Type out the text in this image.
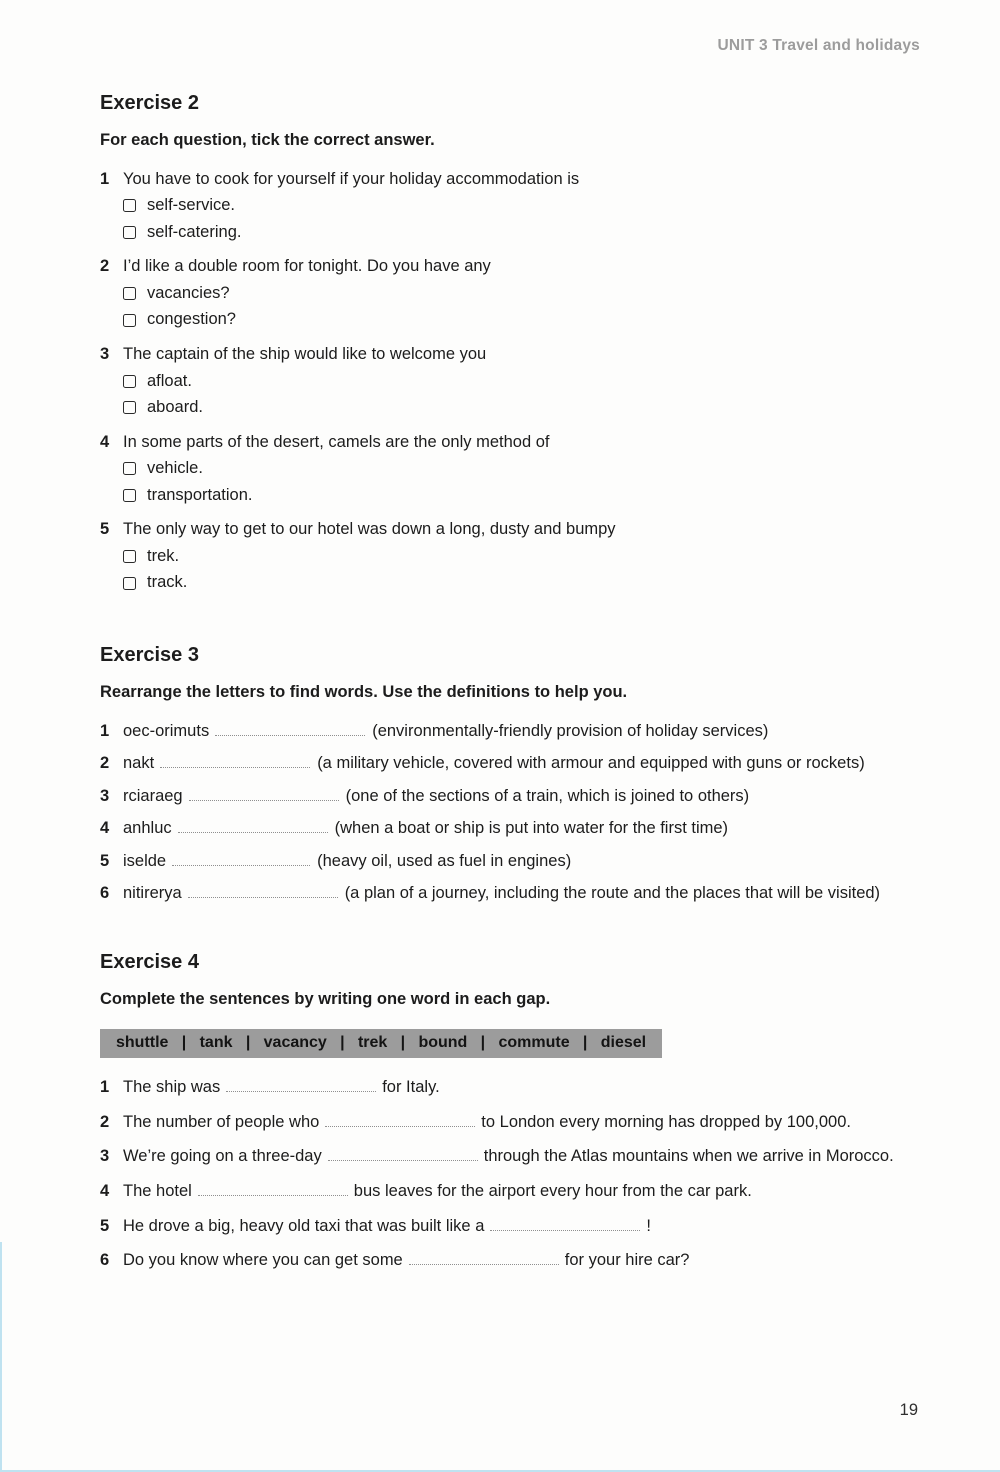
UNIT 3 Travel and holidays
Exercise 2
For each question, tick the correct answer.
1 You have to cook for yourself if your holiday accommodation is
self-service.
self-catering.
2 I’d like a double room for tonight. Do you have any
vacancies?
congestion?
3 The captain of the ship would like to welcome you
afloat.
aboard.
4 In some parts of the desert, camels are the only method of
vehicle.
transportation.
5 The only way to get to our hotel was down a long, dusty and bumpy
trek.
track.
Exercise 3
Rearrange the letters to find words. Use the definitions to help you.
1 oec-orimuts	(environmentally-friendly provision of holiday services)
2 nakt	(a military vehicle, covered with armour and equipped with guns or rockets)
3 rciaraeg	(one of the sections of a train, which is joined to others)
4 anhluc	(when a boat or ship is put into water for the first time)
5 iselde	(heavy oil, used as fuel in engines)
6 nitirerya	(a plan of a journey, including the route and the places that will be visited)
Exercise 4
Complete the sentences by writing one word in each gap.
shuttle   |   tank   |   vacancy   |   trek   |   bound   |   commute   |   diesel
1 The ship was	for Italy.
2 The number of people who	to London every morning has dropped by 100,000.
3 We’re going on a three-day	through the Atlas mountains when we arrive in Morocco.
4 The hotel	bus leaves for the airport every hour from the car park.
5 He drove a big, heavy old taxi that was built like a	!
6 Do you know where you can get some	for your hire car?
19
